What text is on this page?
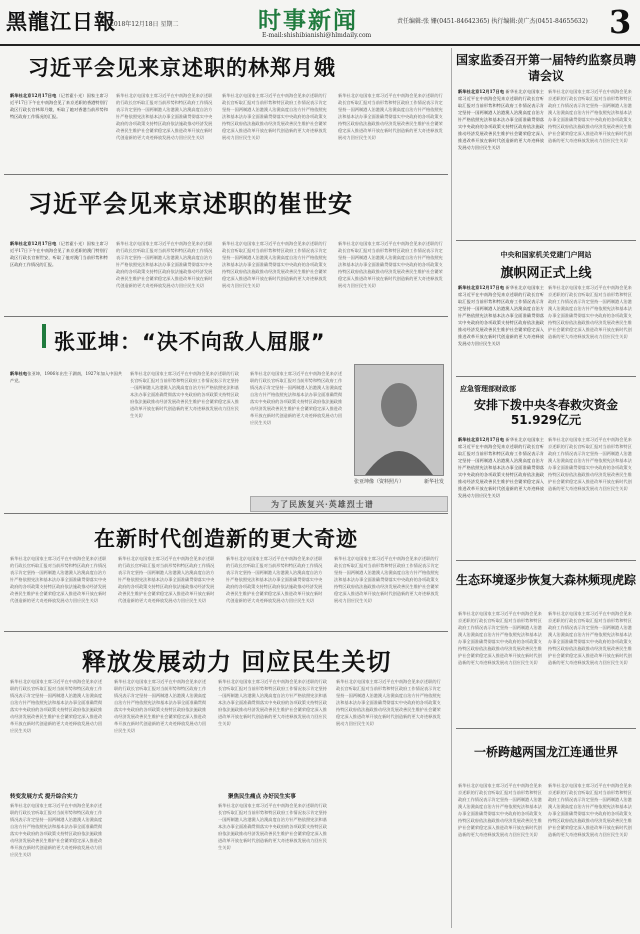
黑龍江日報
2018年12月18日 星期二	时事新闻
E-mail:shishibianishi@hlmdaily.com
责任编辑:张 姗(0451-84642365) 执行编辑:黄广杰(0451-84655632) 3
习近平会见来京述职的林郑月娥
新华社北京12月17日电（记者霍小光）国家主席习近平17日下午在中南海会见了来京述职的香港特别行政区行政长官林郑月娥，听取了她对香港当前形势和特区政府工作情况的汇报。
新华社北京电国家主席习近平在中南海会见来京述职的行政长官听取汇报对当前形势和特区政府工作情况表示肯定坚持一国两制港人治港澳人治澳高度自治方针严格依照宪法和基本法办事全面准确贯彻落实中央政府的各项政策支持特区政府依法施政推动经济发展改善民生维护社会繁荣稳定深入推进改革开放在新时代创造新的更大奇迹释放发展动力回应民生关切
新华社北京电国家主席习近平在中南海会见来京述职的行政长官听取汇报对当前形势和特区政府工作情况表示肯定坚持一国两制港人治港澳人治澳高度自治方针严格依照宪法和基本法办事全面准确贯彻落实中央政府的各项政策支持特区政府依法施政推动经济发展改善民生维护社会繁荣稳定深入推进改革开放在新时代创造新的更大奇迹释放发展动力回应民生关切
新华社北京电国家主席习近平在中南海会见来京述职的行政长官听取汇报对当前形势和特区政府工作情况表示肯定坚持一国两制港人治港澳人治澳高度自治方针严格依照宪法和基本法办事全面准确贯彻落实中央政府的各项政策支持特区政府依法施政推动经济发展改善民生维护社会繁荣稳定深入推进改革开放在新时代创造新的更大奇迹释放发展动力回应民生关切
习近平会见来京述职的崔世安
新华社北京12月17日电（记者霍小光）国家主席习近平17日下午在中南海会见了来京述职的澳门特别行政区行政长官崔世安，听取了他对澳门当前形势和特区政府工作情况的汇报。
新华社北京电国家主席习近平在中南海会见来京述职的行政长官听取汇报对当前形势和特区政府工作情况表示肯定坚持一国两制港人治港澳人治澳高度自治方针严格依照宪法和基本法办事全面准确贯彻落实中央政府的各项政策支持特区政府依法施政推动经济发展改善民生维护社会繁荣稳定深入推进改革开放在新时代创造新的更大奇迹释放发展动力回应民生关切
新华社北京电国家主席习近平在中南海会见来京述职的行政长官听取汇报对当前形势和特区政府工作情况表示肯定坚持一国两制港人治港澳人治澳高度自治方针严格依照宪法和基本法办事全面准确贯彻落实中央政府的各项政策支持特区政府依法施政推动经济发展改善民生维护社会繁荣稳定深入推进改革开放在新时代创造新的更大奇迹释放发展动力回应民生关切
新华社北京电国家主席习近平在中南海会见来京述职的行政长官听取汇报对当前形势和特区政府工作情况表示肯定坚持一国两制港人治港澳人治澳高度自治方针严格依照宪法和基本法办事全面准确贯彻落实中央政府的各项政策支持特区政府依法施政推动经济发展改善民生维护社会繁荣稳定深入推进改革开放在新时代创造新的更大奇迹释放发展动力回应民生关切
张亚坤：“决不向敌人屈服”
新华社电张亚坤，1906年出生于湖南，1927年加入中国共产党。
新华社北京电国家主席习近平在中南海会见来京述职的行政长官听取汇报对当前形势和特区政府工作情况表示肯定坚持一国两制港人治港澳人治澳高度自治方针严格依照宪法和基本法办事全面准确贯彻落实中央政府的各项政策支持特区政府依法施政推动经济发展改善民生维护社会繁荣稳定深入推进改革开放在新时代创造新的更大奇迹释放发展动力回应民生关切
新华社北京电国家主席习近平在中南海会见来京述职的行政长官听取汇报对当前形势和特区政府工作情况表示肯定坚持一国两制港人治港澳人治澳高度自治方针严格依照宪法和基本法办事全面准确贯彻落实中央政府的各项政策支持特区政府依法施政推动经济发展改善民生维护社会繁荣稳定深入推进改革开放在新时代创造新的更大奇迹释放发展动力回应民生关切
张亚坤像（资料照片）	新华社发
为了民族复兴·英雄烈士谱
在新时代创造新的更大奇迹
新华社北京电国家主席习近平在中南海会见来京述职的行政长官听取汇报对当前形势和特区政府工作情况表示肯定坚持一国两制港人治港澳人治澳高度自治方针严格依照宪法和基本法办事全面准确贯彻落实中央政府的各项政策支持特区政府依法施政推动经济发展改善民生维护社会繁荣稳定深入推进改革开放在新时代创造新的更大奇迹释放发展动力回应民生关切
新华社北京电国家主席习近平在中南海会见来京述职的行政长官听取汇报对当前形势和特区政府工作情况表示肯定坚持一国两制港人治港澳人治澳高度自治方针严格依照宪法和基本法办事全面准确贯彻落实中央政府的各项政策支持特区政府依法施政推动经济发展改善民生维护社会繁荣稳定深入推进改革开放在新时代创造新的更大奇迹释放发展动力回应民生关切
新华社北京电国家主席习近平在中南海会见来京述职的行政长官听取汇报对当前形势和特区政府工作情况表示肯定坚持一国两制港人治港澳人治澳高度自治方针严格依照宪法和基本法办事全面准确贯彻落实中央政府的各项政策支持特区政府依法施政推动经济发展改善民生维护社会繁荣稳定深入推进改革开放在新时代创造新的更大奇迹释放发展动力回应民生关切
新华社北京电国家主席习近平在中南海会见来京述职的行政长官听取汇报对当前形势和特区政府工作情况表示肯定坚持一国两制港人治港澳人治澳高度自治方针严格依照宪法和基本法办事全面准确贯彻落实中央政府的各项政策支持特区政府依法施政推动经济发展改善民生维护社会繁荣稳定深入推进改革开放在新时代创造新的更大奇迹释放发展动力回应民生关切
释放发展动力 回应民生关切
新华社北京电国家主席习近平在中南海会见来京述职的行政长官听取汇报对当前形势和特区政府工作情况表示肯定坚持一国两制港人治港澳人治澳高度自治方针严格依照宪法和基本法办事全面准确贯彻落实中央政府的各项政策支持特区政府依法施政推动经济发展改善民生维护社会繁荣稳定深入推进改革开放在新时代创造新的更大奇迹释放发展动力回应民生关切
转变发展方式 提升综合实力
新华社北京电国家主席习近平在中南海会见来京述职的行政长官听取汇报对当前形势和特区政府工作情况表示肯定坚持一国两制港人治港澳人治澳高度自治方针严格依照宪法和基本法办事全面准确贯彻落实中央政府的各项政策支持特区政府依法施政推动经济发展改善民生维护社会繁荣稳定深入推进改革开放在新时代创造新的更大奇迹释放发展动力回应民生关切
新华社北京电国家主席习近平在中南海会见来京述职的行政长官听取汇报对当前形势和特区政府工作情况表示肯定坚持一国两制港人治港澳人治澳高度自治方针严格依照宪法和基本法办事全面准确贯彻落实中央政府的各项政策支持特区政府依法施政推动经济发展改善民生维护社会繁荣稳定深入推进改革开放在新时代创造新的更大奇迹释放发展动力回应民生关切
新华社北京电国家主席习近平在中南海会见来京述职的行政长官听取汇报对当前形势和特区政府工作情况表示肯定坚持一国两制港人治港澳人治澳高度自治方针严格依照宪法和基本法办事全面准确贯彻落实中央政府的各项政策支持特区政府依法施政推动经济发展改善民生维护社会繁荣稳定深入推进改革开放在新时代创造新的更大奇迹释放发展动力回应民生关切
聚焦民生痛点 办好民生实事
新华社北京电国家主席习近平在中南海会见来京述职的行政长官听取汇报对当前形势和特区政府工作情况表示肯定坚持一国两制港人治港澳人治澳高度自治方针严格依照宪法和基本法办事全面准确贯彻落实中央政府的各项政策支持特区政府依法施政推动经济发展改善民生维护社会繁荣稳定深入推进改革开放在新时代创造新的更大奇迹释放发展动力回应民生关切
新华社北京电国家主席习近平在中南海会见来京述职的行政长官听取汇报对当前形势和特区政府工作情况表示肯定坚持一国两制港人治港澳人治澳高度自治方针严格依照宪法和基本法办事全面准确贯彻落实中央政府的各项政策支持特区政府依法施政推动经济发展改善民生维护社会繁荣稳定深入推进改革开放在新时代创造新的更大奇迹释放发展动力回应民生关切
国家监委召开第一届特约监察员聘请会议
新华社北京12月17日电 新华社北京电国家主席习近平在中南海会见来京述职的行政长官听取汇报对当前形势和特区政府工作情况表示肯定坚持一国两制港人治港澳人治澳高度自治方针严格依照宪法和基本法办事全面准确贯彻落实中央政府的各项政策支持特区政府依法施政推动经济发展改善民生维护社会繁荣稳定深入推进改革开放在新时代创造新的更大奇迹释放发展动力回应民生关切
新华社北京电国家主席习近平在中南海会见来京述职的行政长官听取汇报对当前形势和特区政府工作情况表示肯定坚持一国两制港人治港澳人治澳高度自治方针严格依照宪法和基本法办事全面准确贯彻落实中央政府的各项政策支持特区政府依法施政推动经济发展改善民生维护社会繁荣稳定深入推进改革开放在新时代创造新的更大奇迹释放发展动力回应民生关切
中央和国家机关党建门户网站
旗帜网正式上线
新华社北京12月17日电 新华社北京电国家主席习近平在中南海会见来京述职的行政长官听取汇报对当前形势和特区政府工作情况表示肯定坚持一国两制港人治港澳人治澳高度自治方针严格依照宪法和基本法办事全面准确贯彻落实中央政府的各项政策支持特区政府依法施政推动经济发展改善民生维护社会繁荣稳定深入推进改革开放在新时代创造新的更大奇迹释放发展动力回应民生关切
新华社北京电国家主席习近平在中南海会见来京述职的行政长官听取汇报对当前形势和特区政府工作情况表示肯定坚持一国两制港人治港澳人治澳高度自治方针严格依照宪法和基本法办事全面准确贯彻落实中央政府的各项政策支持特区政府依法施政推动经济发展改善民生维护社会繁荣稳定深入推进改革开放在新时代创造新的更大奇迹释放发展动力回应民生关切
应急管理部财政部
安排下拨中央冬春救灾资金51.929亿元
新华社北京12月17日电 新华社北京电国家主席习近平在中南海会见来京述职的行政长官听取汇报对当前形势和特区政府工作情况表示肯定坚持一国两制港人治港澳人治澳高度自治方针严格依照宪法和基本法办事全面准确贯彻落实中央政府的各项政策支持特区政府依法施政推动经济发展改善民生维护社会繁荣稳定深入推进改革开放在新时代创造新的更大奇迹释放发展动力回应民生关切
新华社北京电国家主席习近平在中南海会见来京述职的行政长官听取汇报对当前形势和特区政府工作情况表示肯定坚持一国两制港人治港澳人治澳高度自治方针严格依照宪法和基本法办事全面准确贯彻落实中央政府的各项政策支持特区政府依法施政推动经济发展改善民生维护社会繁荣稳定深入推进改革开放在新时代创造新的更大奇迹释放发展动力回应民生关切
生态环境逐步恢复大森林频现虎踪
新华社北京电国家主席习近平在中南海会见来京述职的行政长官听取汇报对当前形势和特区政府工作情况表示肯定坚持一国两制港人治港澳人治澳高度自治方针严格依照宪法和基本法办事全面准确贯彻落实中央政府的各项政策支持特区政府依法施政推动经济发展改善民生维护社会繁荣稳定深入推进改革开放在新时代创造新的更大奇迹释放发展动力回应民生关切
新华社北京电国家主席习近平在中南海会见来京述职的行政长官听取汇报对当前形势和特区政府工作情况表示肯定坚持一国两制港人治港澳人治澳高度自治方针严格依照宪法和基本法办事全面准确贯彻落实中央政府的各项政策支持特区政府依法施政推动经济发展改善民生维护社会繁荣稳定深入推进改革开放在新时代创造新的更大奇迹释放发展动力回应民生关切
一桥跨越两国龙江连通世界
新华社北京电国家主席习近平在中南海会见来京述职的行政长官听取汇报对当前形势和特区政府工作情况表示肯定坚持一国两制港人治港澳人治澳高度自治方针严格依照宪法和基本法办事全面准确贯彻落实中央政府的各项政策支持特区政府依法施政推动经济发展改善民生维护社会繁荣稳定深入推进改革开放在新时代创造新的更大奇迹释放发展动力回应民生关切
新华社北京电国家主席习近平在中南海会见来京述职的行政长官听取汇报对当前形势和特区政府工作情况表示肯定坚持一国两制港人治港澳人治澳高度自治方针严格依照宪法和基本法办事全面准确贯彻落实中央政府的各项政策支持特区政府依法施政推动经济发展改善民生维护社会繁荣稳定深入推进改革开放在新时代创造新的更大奇迹释放发展动力回应民生关切
